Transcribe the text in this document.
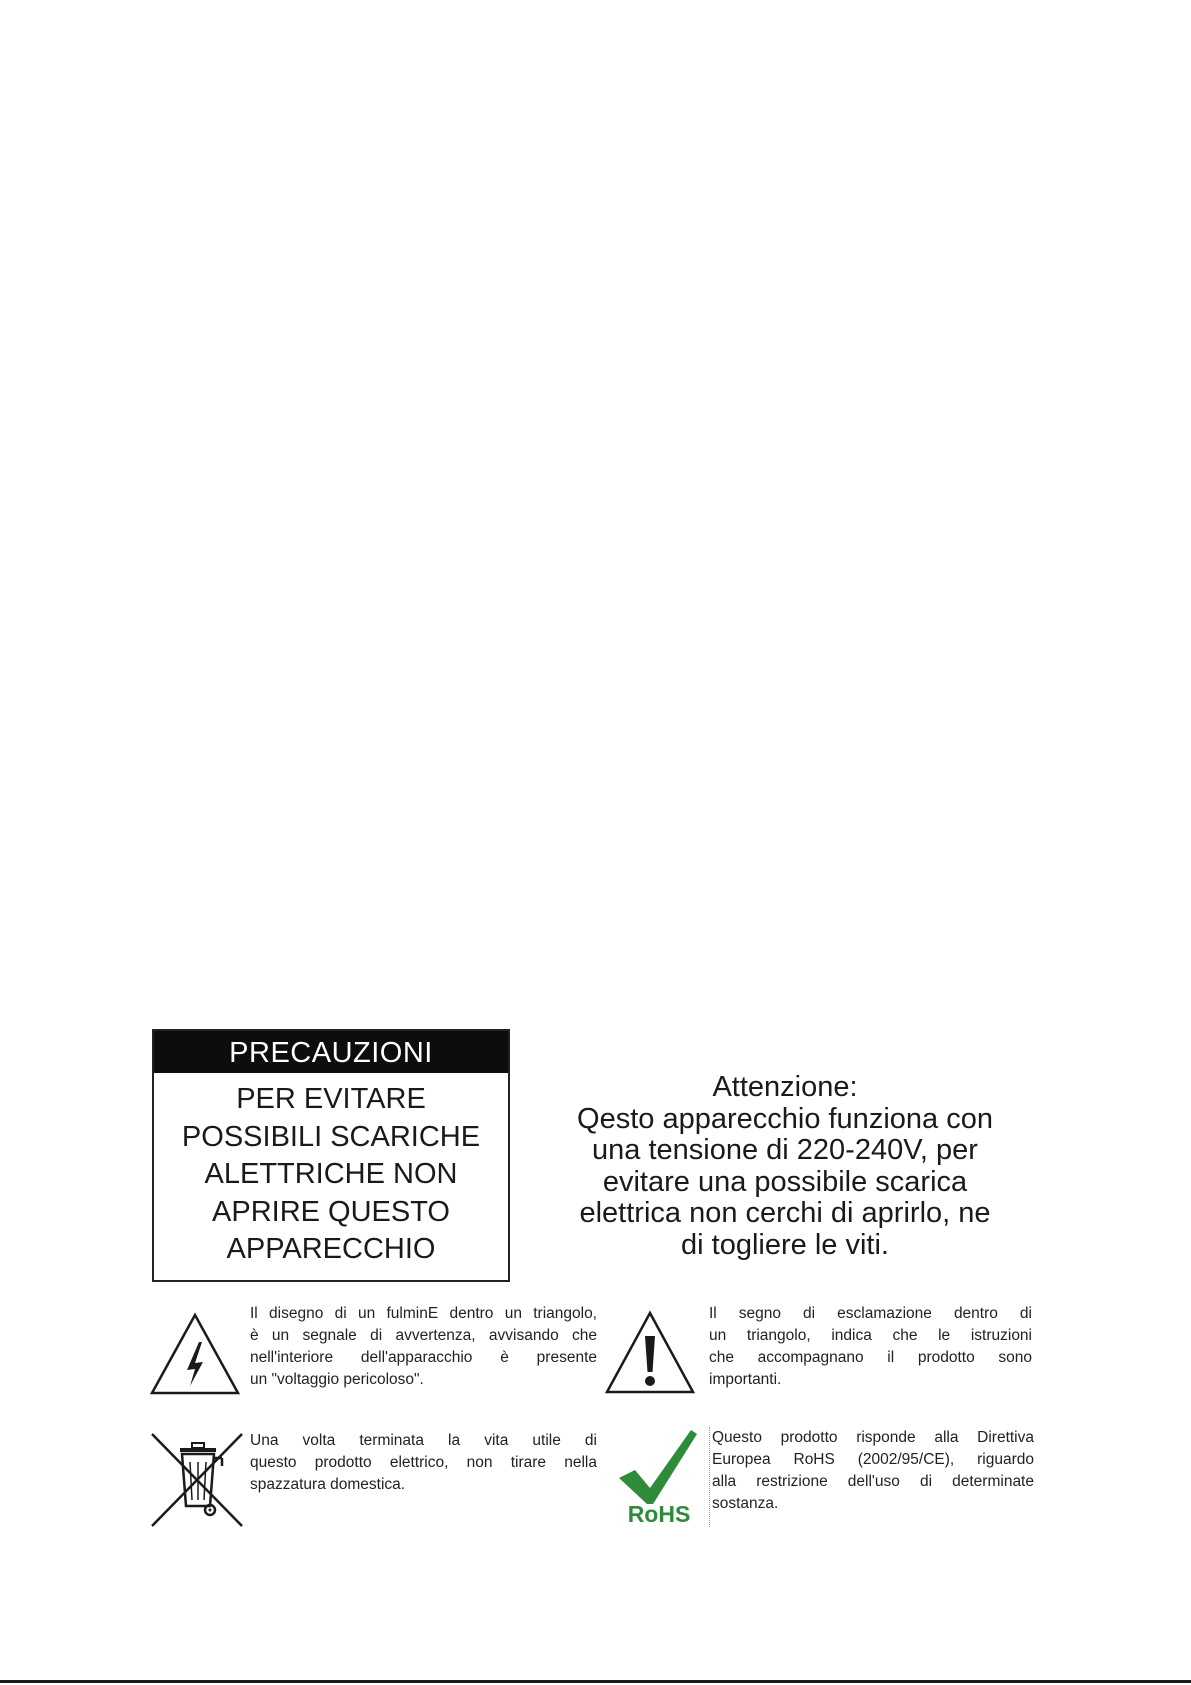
PRECAUZIONI
PER EVITARE
POSSIBILI SCARICHE
ALETTRICHE NON
APRIRE QUESTO
APPARECCHIO
Attenzione:
Qesto apparecchio funziona con
una tensione di 220-240V, per
evitare una possibile scarica
elettrica non cerchi di aprirlo, ne
di togliere le viti.
Il disegno di un fulminE dentro un triangolo,
è un segnale di avvertenza, avvisando che
nell'interiore dell'apparacchio è presente
un "voltaggio pericoloso".
Il segno di esclamazione dentro di
un triangolo, indica che le istruzioni
che accompagnano il prodotto sono
importanti.
Una volta terminata la vita utile di
questo prodotto elettrico, non tirare nella
spazzatura domestica.
RoHS
Questo prodotto risponde alla Direttiva
Europea RoHS (2002/95/CE), riguardo
alla restrizione dell'uso di determinate
sostanza.
